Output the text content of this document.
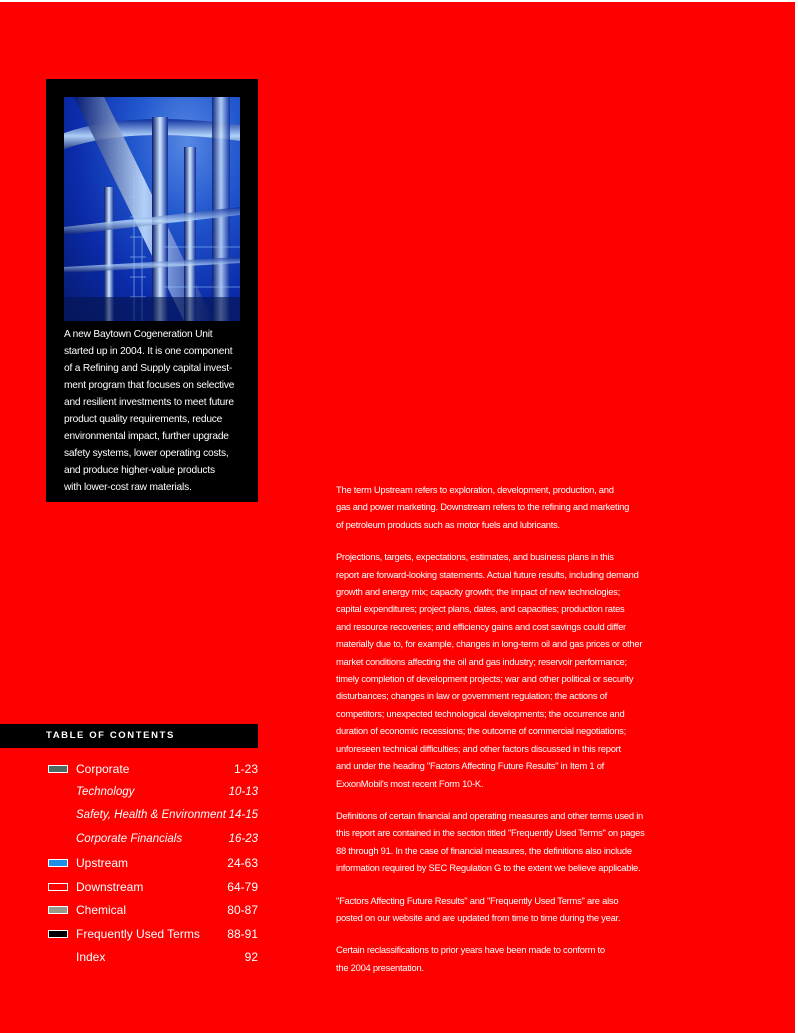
A new Baytown Cogeneration Unit
started up in 2004. It is one component
of a Refining and Supply capital invest-
ment program that focuses on selective
and resilient investments to meet future
product quality requirements, reduce
environmental impact, further upgrade
safety systems, lower operating costs,
and produce higher-value products
with lower-cost raw materials.
TABLE OF CONTENTS
Corporate	1-23
Technology	10-13
Safety, Health & Environment 14-15
Corporate Financials	16-23
Upstream	24-63
Downstream	64-79
Chemical	80-87
Frequently Used Terms 88-91
Index	92

The term Upstream refers to exploration, development, production, and
gas and power marketing. Downstream refers to the refining and marketing
of petroleum products such as motor fuels and lubricants.

Projections, targets, expectations, estimates, and business plans in this
report are forward-looking statements. Actual future results, including demand
growth and energy mix; capacity growth; the impact of new technologies;
capital expenditures; project plans, dates, and capacities; production rates
and resource recoveries; and efficiency gains and cost savings could differ
materially due to, for example, changes in long-term oil and gas prices or other
market conditions affecting the oil and gas industry; reservoir performance;
timely completion of development projects; war and other political or security
disturbances; changes in law or government regulation; the actions of
competitors; unexpected technological developments; the occurrence and
duration of economic recessions; the outcome of commercial negotiations;
unforeseen technical difficulties; and other factors discussed in this report
and under the heading "Factors Affecting Future Results" in Item 1 of
ExxonMobil's most recent Form 10-K.

Definitions of certain financial and operating measures and other terms used in
this report are contained in the section titled "Frequently Used Terms" on pages
88 through 91. In the case of financial measures, the definitions also include
information required by SEC Regulation G to the extent we believe applicable.

"Factors Affecting Future Results" and "Frequently Used Terms" are also
posted on our website and are updated from time to time during the year.

Certain reclassifications to prior years have been made to conform to
the 2004 presentation.
